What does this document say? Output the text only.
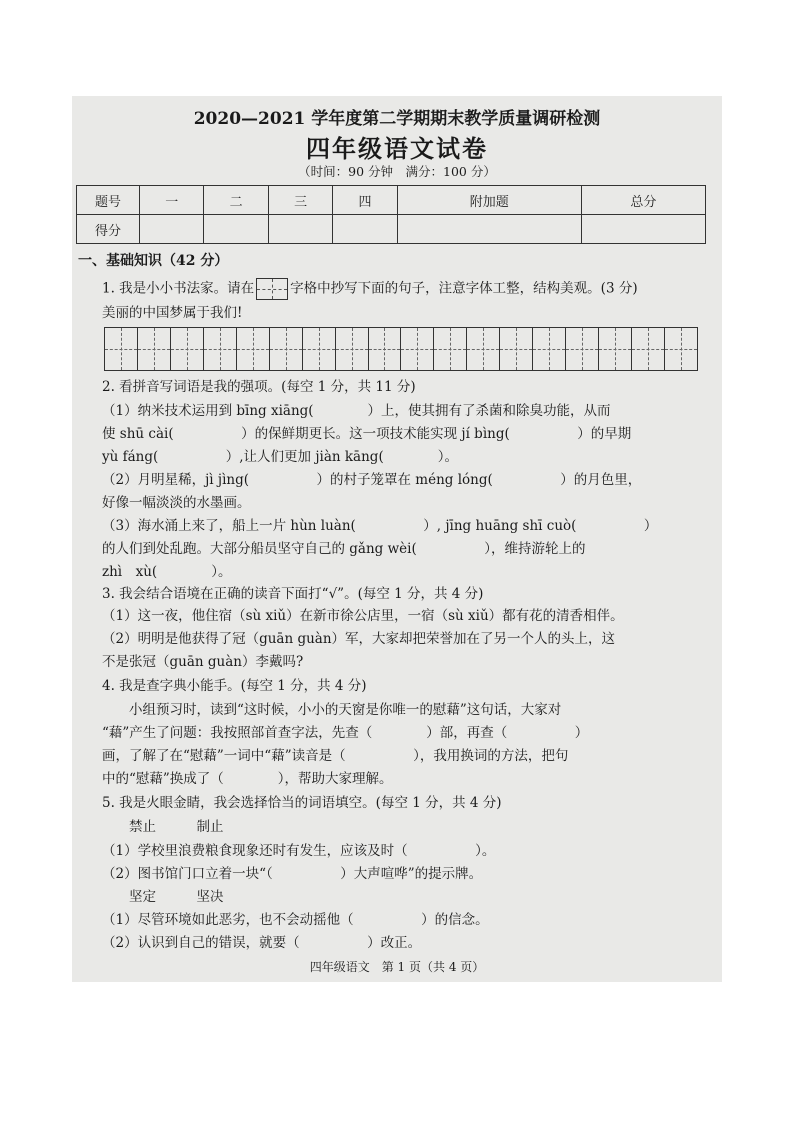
2020—2021 学年度第二学期期末教学质量调研检测
四年级语文试卷
（时间：90 分钟　满分：100 分）
题号	一	二	三	四	附加题	总分
得分						
一、基础知识（42 分）
1. 我是小小书法家。请在	字格中抄写下面的句子，注意字体工整，结构美观。(3 分)
美丽的中国梦属于我们!
2. 看拼音写词语是我的强项。(每空 1 分，共 11 分)
（1）纳米技术运用到 bīng xiāng(　　　　）上，使其拥有了杀菌和除臭功能，从而
使 shū cài(　　　　　）的保鲜期更长。这一项技术能实现 jí bìng(　　　　　）的早期
yù fáng(　　　　　）,让人们更加 jiàn kāng(　　　　）。
（2）月明星稀，jì jìng(　　　　　）的村子笼罩在 méng lóng(　　　　　）的月色里，
好像一幅淡淡的水墨画。
（3）海水涌上来了，船上一片 hùn luàn(　　　　　）, jīng huāng shī cuò(　　　　　）
的人们到处乱跑。大部分船员坚守自己的 gǎng wèi(　　　　　），维持游轮上的
zhì　xù(　　　　）。
3. 我会结合语境在正确的读音下面打“√”。(每空 1 分，共 4 分)
（1）这一夜，他住宿（sù xiǔ）在新市徐公店里，一宿（sù xiǔ）都有花的清香相伴。
（2）明明是他获得了冠（guān guàn）军，大家却把荣誉加在了另一个人的头上，这
不是张冠（guān guàn）李戴吗?
4. 我是查字典小能手。(每空 1 分，共 4 分)
　　小组预习时，读到“这时候，小小的天窗是你唯一的慰藉”这句话，大家对
“藉”产生了问题：我按照部首查字法，先查（　　　　）部，再查（　　　　　）
画，了解了在“慰藉”一词中“藉”读音是（　　　　　），我用换词的方法，把句
中的“慰藉”换成了（　　　　），帮助大家理解。
5. 我是火眼金睛，我会选择恰当的词语填空。(每空 1 分，共 4 分)
　　禁止　　　制止
（1）学校里浪费粮食现象还时有发生，应该及时（　　　　　）。
（2）图书馆门口立着一块“（　　　　　）大声喧哗”的提示牌。
　　坚定　　　坚决
（1）尽管环境如此恶劣，也不会动摇他（　　　　　）的信念。
（2）认识到自己的错误，就要（　　　　　）改正。
四年级语文　第 1 页（共 4 页）
